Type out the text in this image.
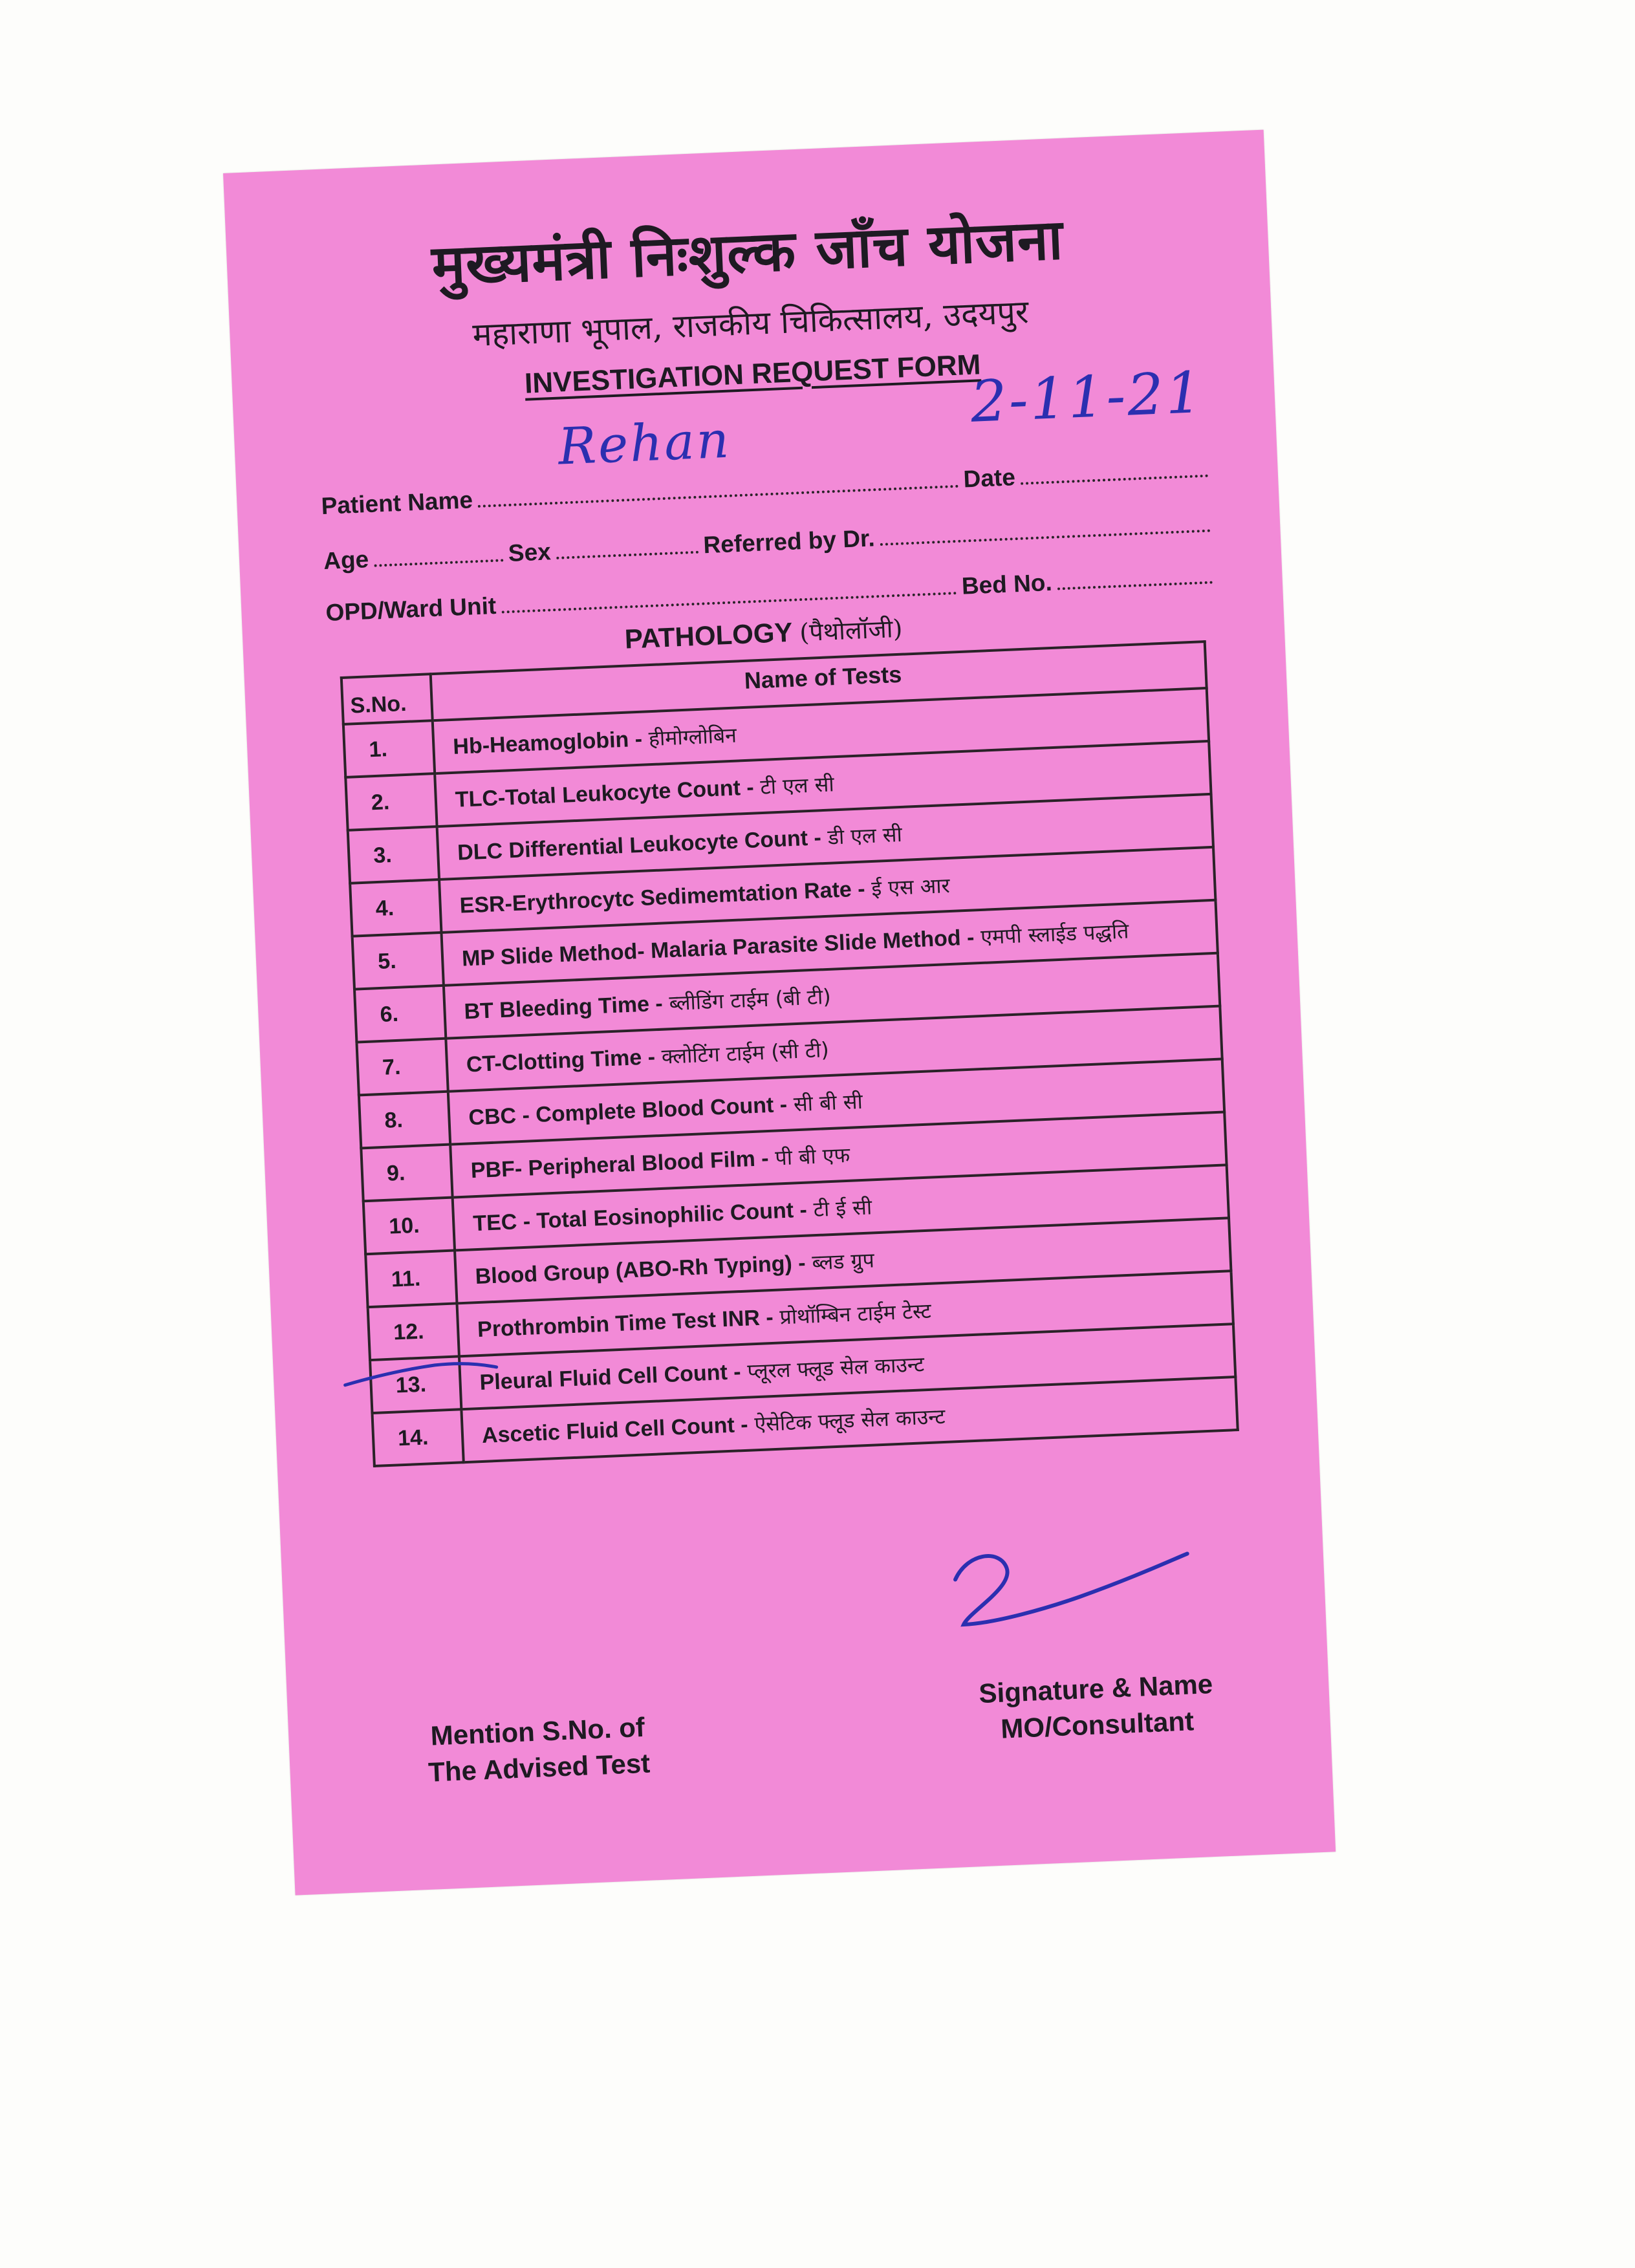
मुख्यमंत्री निःशुल्क जाँच योजना
महाराणा भूपाल, राजकीय चिकित्सालय, उदयपुर
INVESTIGATION REQUEST FORM
Patient Name
Date
Rehan
2-11-21
Age	Sex	Referred by Dr.
OPD/Ward Unit
Bed No.
PATHOLOGY (पैथोलॉजी)
S.No.	Name of Tests
1.	Hb-Heamoglobin - हीमोग्लोबिन
2.	TLC-Total Leukocyte Count - टी एल सी
3.	DLC Differential Leukocyte Count - डी एल सी
4.	ESR-Erythrocytc Sedimemtation Rate - ई एस आर
5.	MP Slide Method- Malaria Parasite Slide Method - एमपी स्लाईड पद्धति
6.	BT Bleeding Time - ब्लीडिंग टाईम (बी टी)
7.	CT-Clotting Time - क्लोटिंग टाईम (सी टी)
8.	CBC - Complete Blood Count - सी बी सी
9.	PBF- Peripheral Blood Film - पी बी एफ
10.	TEC - Total Eosinophilic Count - टी ई सी
11.	Blood Group (ABO-Rh Typing) - ब्लड ग्रुप
12.	Prothrombin Time Test INR - प्रोथॉम्बिन टाईम टेस्ट
13.	Pleural Fluid Cell Count - प्लूरल फ्लूड सेल काउन्ट
14.	Ascetic Fluid Cell Count - ऐसेटिक फ्लूड सेल काउन्ट
Mention S.No. of
The Advised Test
Signature & Name
MO/Consultant
